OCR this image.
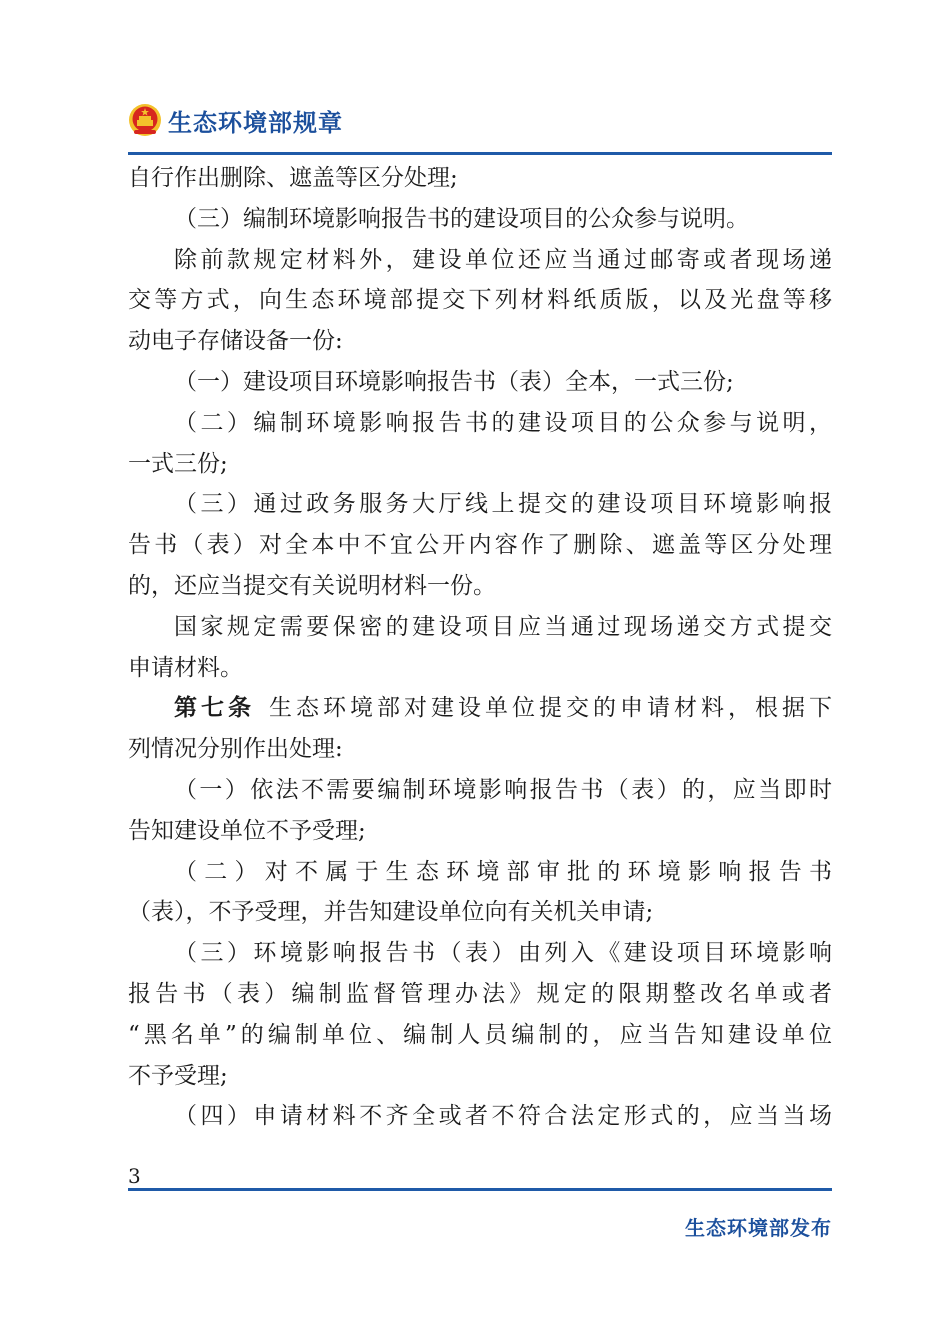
生态环境部规章
自行作出删除、遮盖等区分处理;
（三）编制环境影响报告书的建设项目的公众参与说明。
除前款规定材料外，建设单位还应当通过邮寄或者现场递
交等方式，向生态环境部提交下列材料纸质版，以及光盘等移
动电子存储设备一份:
（一）建设项目环境影响报告书（表）全本，一式三份;
（二）编制环境影响报告书的建设项目的公众参与说明，
一式三份;
（三）通过政务服务大厅线上提交的建设项目环境影响报
告书（表）对全本中不宜公开内容作了删除、遮盖等区分处理
的，还应当提交有关说明材料一份。
国家规定需要保密的建设项目应当通过现场递交方式提交
申请材料。
第七条 生态环境部对建设单位提交的申请材料，根据下
列情况分别作出处理:
（一）依法不需要编制环境影响报告书（表）的，应当即时
告知建设单位不予受理;
（二）对不属于生态环境部审批的环境影响报告书
（表），不予受理，并告知建设单位向有关机关申请;
（三）环境影响报告书（表）由列入《建设项目环境影响
报告书（表）编制监督管理办法》规定的限期整改名单或者
“黑名单”的编制单位、编制人员编制的，应当告知建设单位
不予受理;
（四）申请材料不齐全或者不符合法定形式的，应当当场
3
生态环境部发布
